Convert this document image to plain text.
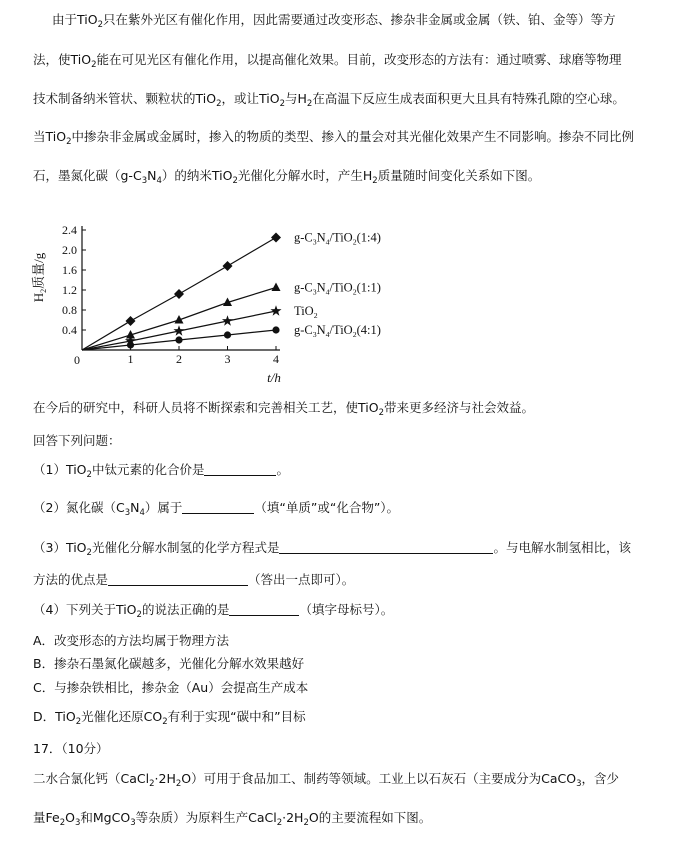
由于TiO$_2$只在紫外光区有催化作用，因此需要通过改变形态、掺杂非金属或金属（铁、铂、金等）等方
法，使TiO$_2$能在可见光区有催化作用，以提高催化效果。目前，改变形态的方法有：通过喷雾、球磨等物理
技术制备纳米管状、颗粒状的TiO$_2$，或让TiO$_2$与$H_2$在高温下反应生成表面积更大且具有特殊孔隙的空心球。
当TiO$_2$中掺杂非金属或金属时，掺入的物质的类型、掺入的量会对其光催化效果产生不同影响。掺杂不同比例
石，墨氮化碳$(g-C_3N_4)$的纳米TiO$_2$光催化分解水时，产生$H_2$质量随时间变化关系如下图。
0.4
0.8
1.2
1.6
2.0
2.4
1	2	3	4
0
t/h
$H_2$质量/g
$g-C_3N_4/TiO_2(1:4)$
$g-C_3N_4/TiO_2(1:1)$
TiO$_2$
$g-C_3N_4/TiO_2(4:1)$
在今后的研究中，科研人员将不断探索和完善相关工艺，使TiO$_2$带来更多经济与社会效益。
回答下列问题：
（1）TiO$_2$中钛元素的化合价是	。
（2）氮化碳$(C_3N_4)$属于	（填“单质”或“化合物”）。
（3）TiO$_2$光催化分解水制氢的化学方程式是	。与电解水制氢相比，该
方法的优点是	（答出一点即可）。
（4）下列关于TiO$_2$的说法正确的是	（填字母标号）。
A．改变形态的方法均属于物理方法
B．掺杂石墨氮化碳越多，光催化分解水效果越好
C．与掺杂铁相比，掺杂金（Au）会提高生产成本
D．TiO$_2$光催化还原$CO_2$有利于实现“碳中和”目标
17．（10分）
二水合氯化钙$(CaCl_2\cdot 2H_2O)$可用于食品加工、制药等领域。工业上以石灰石（主要成分为CaCO$_3$，含少
量$Fe_2O_3$和MgCO$_3$等杂质）为原料生产$CaCl_2\cdot 2H_2O$的主要流程如下图。
